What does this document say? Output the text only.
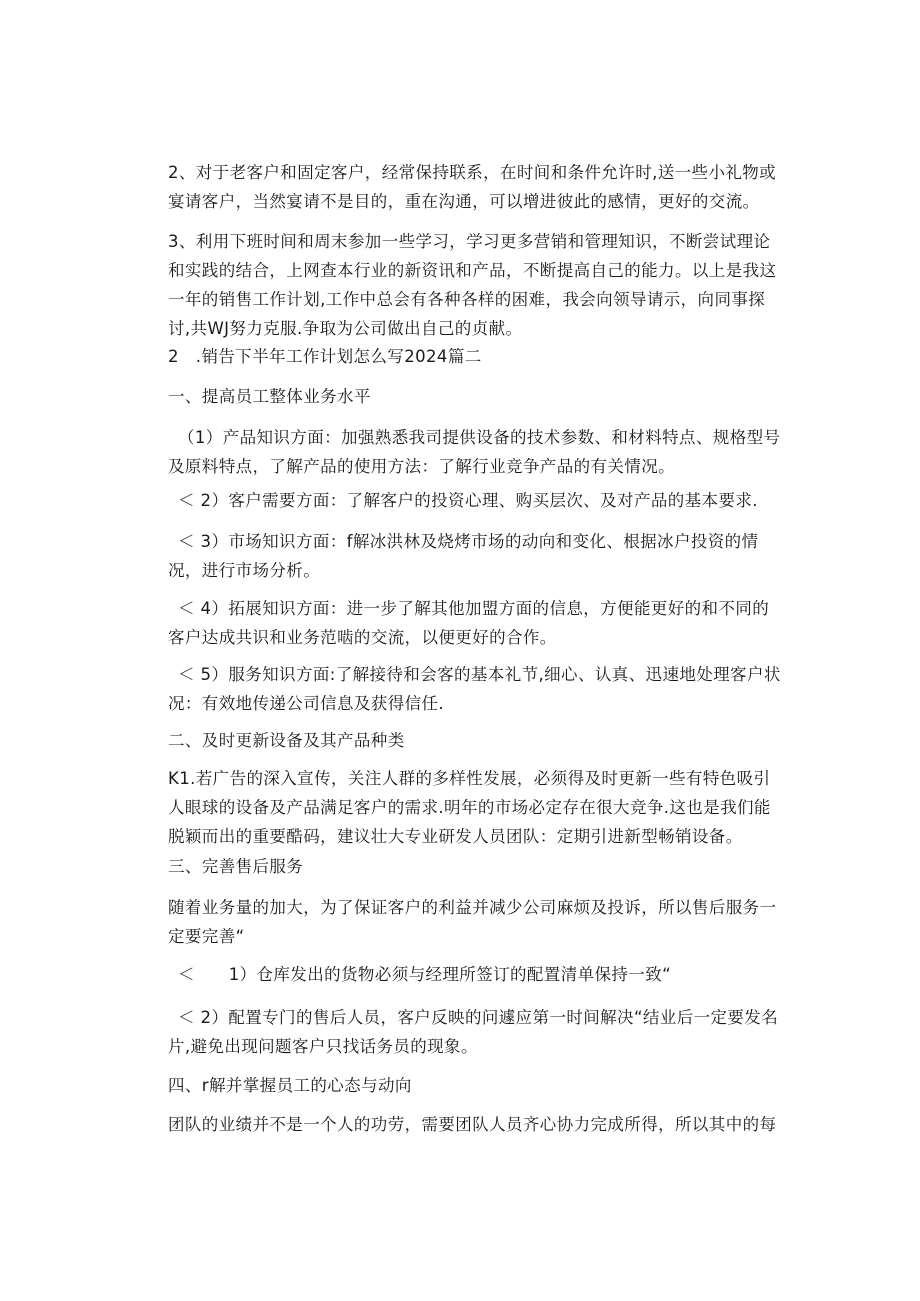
2、对于老客户和固定客户，经常保持联系，在时间和条件允许时,送一些小礼物或宴请客户，当然宴请不是目的，重在沟通，可以增进彼此的感情，更好的交流。

3、利用下班时间和周末参加一些学习，学习更多营销和管理知识，不断尝试理论和实践的结合，上网查本行业的新资讯和产品，不断提高自己的能力。以上是我这一年的销售工作计划,工作中总会有各种各样的困难，我会向领导请示，向同事探讨,共WJ努力克服.争取为公司做出自己的贞献。

2　.销告下半年工作计划怎么写2024篇二

一、提高员工整体业务水平

（1）产品知识方面：加强熟悉我司提供设备的技术参数、和材料特点、规格型号及原料特点，了解产品的使用方法：了解行业竞争产品的有关情况。

＜ 2）客户需要方面：了解客户的投资心理、购买层次、及对产品的基本要求.

＜ 3）市场知识方面：f解冰洪林及烧烤市场的动向和变化、根据冰户投资的情况，进行市场分析。

＜ 4）拓展知识方面：进一步了解其他加盟方面的信息，方便能更好的和不同的客户达成共识和业务范啮的交流，以便更好的合作。

＜ 5）服务知识方面:了解接待和会客的基本礼节,细心、认真、迅速地处理客户状况：有效地传递公司信息及获得信任.

二、及时更新设备及其产品种类

K1.若广告的深入宣传，关注人群的多样性发展，必须得及时更新一些有特色吸引人眼球的设备及产品满足客户的需求.明年的市场必定存在很大竞争.这也是我们能脱颖而出的重要酷码，建议壮大专业研发人员团队：定期引进新型畅销设备。

三、完善售后服务

随着业务量的加大，为了保证客户的利益并减少公司麻烦及投诉，所以售后服务一定要完善“

＜　　1）仓库发出的货物必须与经理所签订的配置清单保持一致“

＜ 2）配置专门的售后人员，客户反映的问遽应第一时间解决“结业后一定要发名片,避免出现问题客户只找话务员的现象。

四、r解并掌握员工的心态与动向

团队的业绩并不是一个人的功劳，需要团队人员齐心协力完成所得，所以其中的每
